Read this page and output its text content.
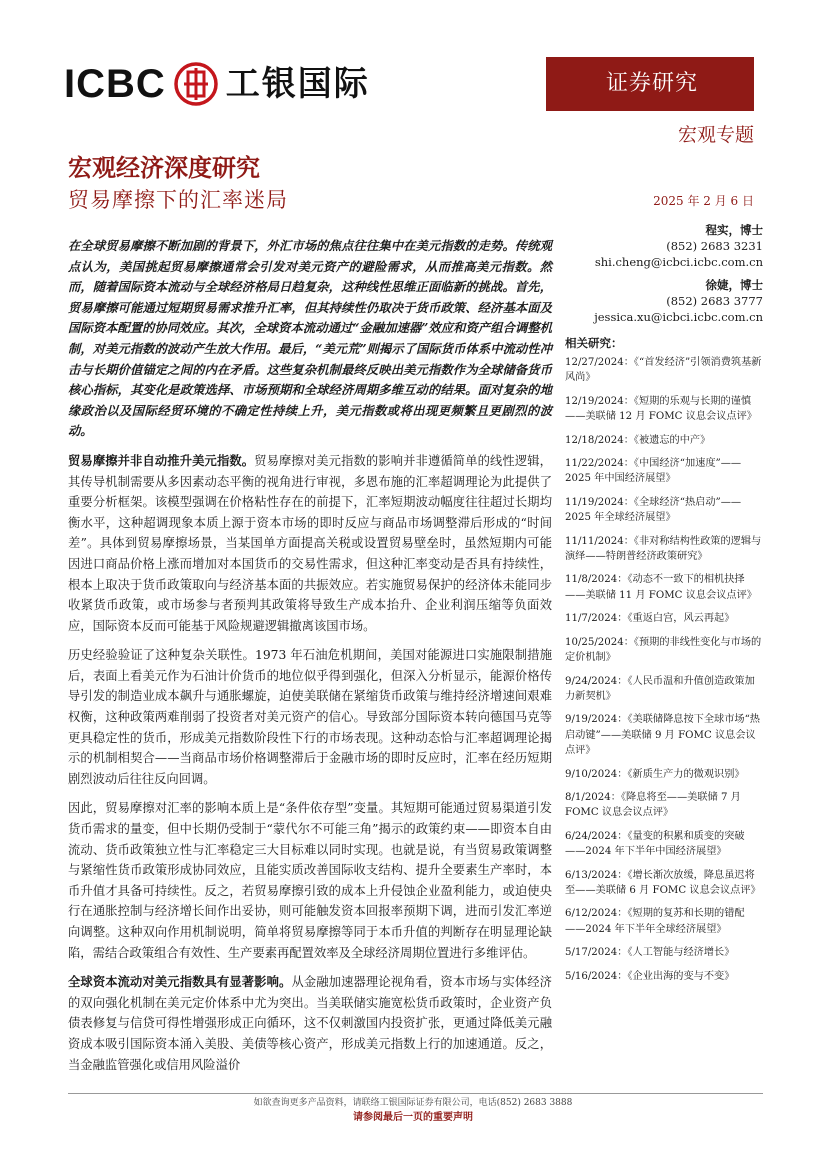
ICBC 工银国际	证券研究
宏观专题
宏观经济深度研究
贸易摩擦下的汇率迷局	2025 年 2 月 6 日

在全球贸易摩擦不断加剧的背景下，外汇市场的焦点往往集中在美元指数的走势。传统观点认为，美国挑起贸易摩擦通常会引发对美元资产的避险需求，从而推高美元指数。然而，随着国际资本流动与全球经济格局日趋复杂，这种线性思维正面临新的挑战。首先，贸易摩擦可能通过短期贸易需求推升汇率，但其持续性仍取决于货币政策、经济基本面及国际资本配置的协同效应。其次，全球资本流动通过“金融加速器”效应和资产组合调整机制，对美元指数的波动产生放大作用。最后，“美元荒”则揭示了国际货币体系中流动性冲击与长期价值锚定之间的内在矛盾。这些复杂机制最终反映出美元指数作为全球储备货币核心指标，其变化是政策选择、市场预期和全球经济周期多维互动的结果。面对复杂的地缘政治以及国际经贸环境的不确定性持续上升，美元指数或将出现更频繁且更剧烈的波动。

贸易摩擦并非自动推升美元指数。贸易摩擦对美元指数的影响并非遵循简单的线性逻辑，其传导机制需要从多因素动态平衡的视角进行审视，多恩布施的汇率超调理论为此提供了重要分析框架。该模型强调在价格粘性存在的前提下，汇率短期波动幅度往往超过长期均衡水平，这种超调现象本质上源于资本市场的即时反应与商品市场调整滞后形成的“时间差”。具体到贸易摩擦场景，当某国单方面提高关税或设置贸易壁垒时，虽然短期内可能因进口商品价格上涨而增加对本国货币的交易性需求，但这种汇率变动是否具有持续性，根本上取决于货币政策取向与经济基本面的共振效应。若实施贸易保护的经济体未能同步收紧货币政策，或市场参与者预判其政策将导致生产成本抬升、企业利润压缩等负面效应，国际资本反而可能基于风险规避逻辑撤离该国市场。

历史经验验证了这种复杂关联性。1973 年石油危机期间，美国对能源进口实施限制措施后，表面上看美元作为石油计价货币的地位似乎得到强化，但深入分析显示，能源价格传导引发的制造业成本飙升与通胀螺旋，迫使美联储在紧缩货币政策与维持经济增速间艰难权衡，这种政策两难削弱了投资者对美元资产的信心。导致部分国际资本转向德国马克等更具稳定性的货币，形成美元指数阶段性下行的市场表现。这种动态恰与汇率超调理论揭示的机制相契合——当商品市场价格调整滞后于金融市场的即时反应时，汇率在经历短期剧烈波动后往往反向回调。

因此，贸易摩擦对汇率的影响本质上是“条件依存型”变量。其短期可能通过贸易渠道引发货币需求的量变，但中长期仍受制于“蒙代尔不可能三角”揭示的政策约束——即资本自由流动、货币政策独立性与汇率稳定三大目标难以同时实现。也就是说，有当贸易政策调整与紧缩性货币政策形成协同效应，且能实质改善国际收支结构、提升全要素生产率时，本币升值才具备可持续性。反之，若贸易摩擦引致的成本上升侵蚀企业盈利能力，或迫使央行在通胀控制与经济增长间作出妥协，则可能触发资本回报率预期下调，进而引发汇率逆向调整。这种双向作用机制说明，简单将贸易摩擦等同于本币升值的判断存在明显理论缺陷，需结合政策组合有效性、生产要素再配置效率及全球经济周期位置进行多维评估。

全球资本流动对美元指数具有显著影响。从金融加速器理论视角看，资本市场与实体经济的双向强化机制在美元定价体系中尤为突出。当美联储实施宽松货币政策时，企业资产负债表修复与信贷可得性增强形成正向循环，这不仅刺激国内投资扩张，更通过降低美元融资成本吸引国际资本涌入美股、美债等核心资产，形成美元指数上行的加速通道。反之，当金融监管强化或信用风险溢价

程实，博士
(852) 2683 3231
shi.cheng@icbci.icbc.com.cn
徐婕，博士
(852) 2683 3777
jessica.xu@icbci.icbc.com.cn
相关研究：
12/27/2024：《“首发经济”引领消费筑基新风尚》
12/19/2024：《短期的乐观与长期的谨慎——美联储 12 月 FOMC 议息会议点评》
12/18/2024：《被遗忘的中产》
11/22/2024：《中国经济“加速度”——2025 年中国经济展望》
11/19/2024：《全球经济“热启动”——2025 年全球经济展望》
11/11/2024：《非对称结构性政策的逻辑与演绎——特朗普经济政策研究》
11/8/2024：《动态不一致下的相机抉择——美联储 11 月 FOMC 议息会议点评》
11/7/2024：《重返白宫，风云再起》
10/25/2024：《预期的非线性变化与市场的定价机制》
9/24/2024：《人民币温和升值创造政策加力新契机》
9/19/2024：《美联储降息按下全球市场“热启动键”——美联储 9 月 FOMC 议息会议点评》
9/10/2024：《新质生产力的微观识别》
8/1/2024：《降息将至——美联储 7 月 FOMC 议息会议点评》
6/24/2024：《量变的积累和质变的突破——2024 年下半年中国经济展望》
6/13/2024：《增长渐次放缓，降息虽迟将至——美联储 6 月 FOMC 议息会议点评》
6/12/2024：《短期的复苏和长期的错配——2024 年下半年全球经济展望》
5/17/2024：《人工智能与经济增长》
5/16/2024：《企业出海的变与不变》
如欲查询更多产品资料，请联络工银国际证券有限公司，电话(852) 2683 3888
请参阅最后一页的重要声明
